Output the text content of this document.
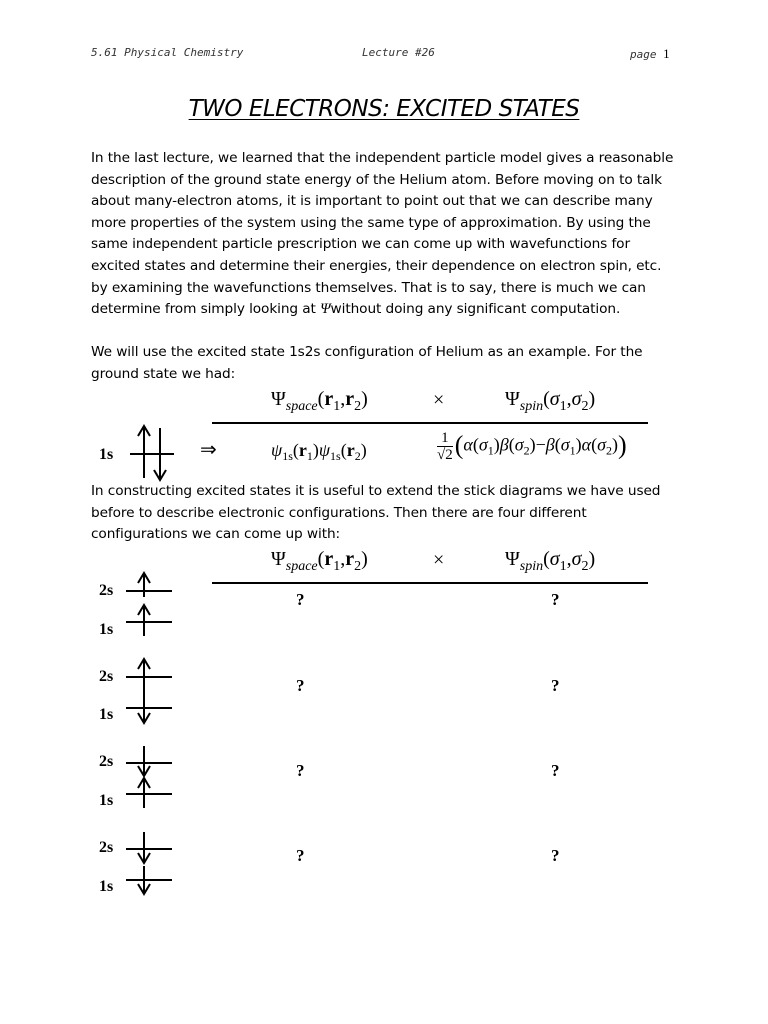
5.61 Physical Chemistry	Lecture #26	page 1
TWO ELECTRONS: EXCITED STATES
In the last lecture, we learned that the independent particle model gives a reasonable
description of the ground state energy of the Helium atom. Before moving on to talk
about many-electron atoms, it is important to point out that we can describe many
more properties of the system using the same type of approximation. By using the
same independent particle prescription we can come up with wavefunctions for
excited states and determine their energies, their dependence on electron spin, etc.
by examining the wavefunctions themselves. That is to say, there is much we can
determine from simply looking at Ψwithout doing any significant computation.
We will use the excited state 1s2s configuration of Helium as an example. For the
ground state we had:
$\Psi_{space}(r_1,r_2)$	×	$\Psi_{spin}(\sigma_1,\sigma_2)$
1s	⇒	$\psi_{1s}(r_1)\psi_{1s}(r_2)$	$\frac{1}{√2} (\alpha(\sigma_1)\beta(\sigma_2)-\beta(\sigma_1)\alpha(\sigma_2))$
In constructing excited states it is useful to extend the stick diagrams we have used
before to describe electronic configurations. Then there are four different
configurations we can come up with:
$\Psi_{space}(r_1,r_2)$	×	$\Psi_{spin}(\sigma_1,\sigma_2)$
2s
1s
?	?
2s
1s
?	?
2s
1s
?	?
2s
1s
?	?
